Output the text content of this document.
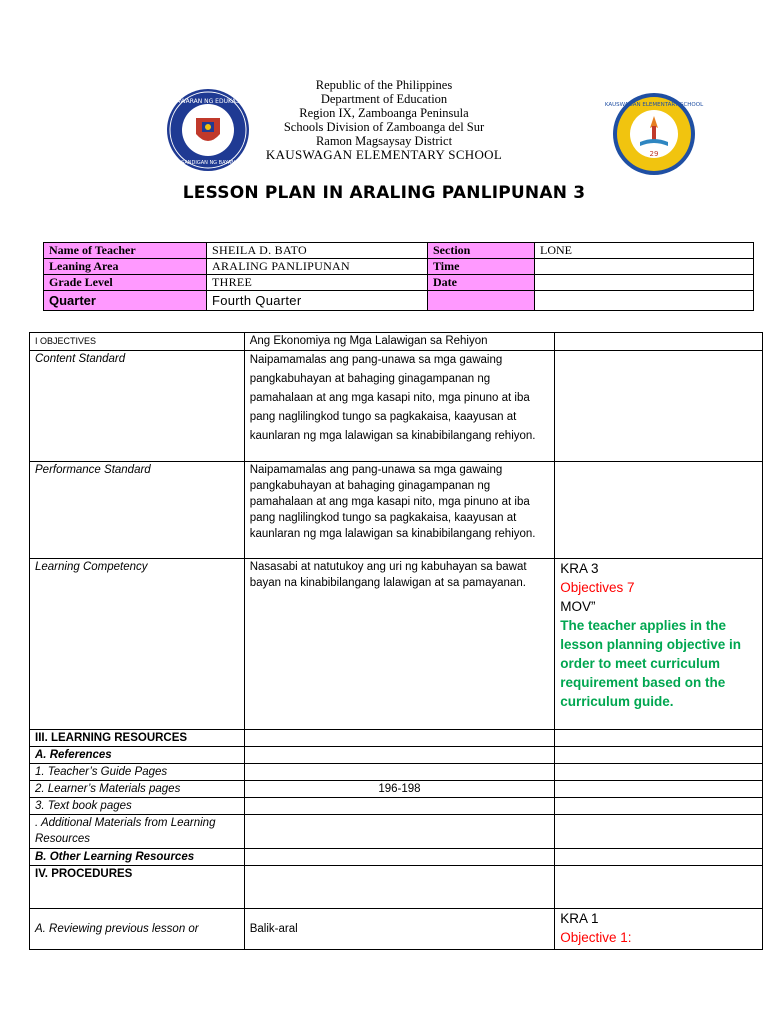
KAGAWARAN NG EDUKASYON
SANDIGAN NG BAYAN
KAUSWAGAN ELEMENTARY SCHOOL
29
Republic of the Philippines
Department of Education
Region IX, Zamboanga Peninsula
Schools Division of Zamboanga del Sur
Ramon Magsaysay District
KAUSWAGAN ELEMENTARY SCHOOL
LESSON PLAN IN ARALING PANLIPUNAN 3
Name of Teacher	SHEILA D. BATO	Section	LONE
Leaning Area	ARALING PANLIPUNAN	Time	
Grade Level	THREE	Date	
Quarter	Fourth Quarter		
I OBJECTIVES	Ang Ekonomiya ng Mga Lalawigan sa Rehiyon	
Content Standard	Naipamamalas ang pang-unawa sa mga gawaing pangkabuhayan at bahaging ginagampanan ng pamahalaan at ang mga kasapi nito, mga pinuno at iba pang naglilingkod tungo sa pagkakaisa, kaayusan at kaunlaran ng mga lalawigan sa kinabibilangang rehiyon.	
Performance Standard	Naipamamalas ang pang-unawa sa mga gawaing pangkabuhayan at bahaging ginagampanan ng pamahalaan at ang mga kasapi nito, mga pinuno at iba pang naglilingkod tungo sa pagkakaisa, kaayusan at kaunlaran ng mga lalawigan sa kinabibilangang rehiyon.	
Learning Competency	Nasasabi at natutukoy ang uri ng kabuhayan sa bawat bayan na kinabibilangang lalawigan at sa pamayanan.	KRA 3
Objectives 7
MOV”
The teacher applies in the lesson planning objective in order to meet curriculum requirement based on the curriculum guide.

III. LEARNING RESOURCES		
A. References		
1. Teacher’s Guide Pages		
2. Learner’s Materials pages	196-198	
3. Text book pages		
. Additional Materials from Learning Resources		
B. Other Learning Resources		
IV. PROCEDURES		
A. Reviewing previous lesson or	Balik-aral	KRA 1
Objective 1:
